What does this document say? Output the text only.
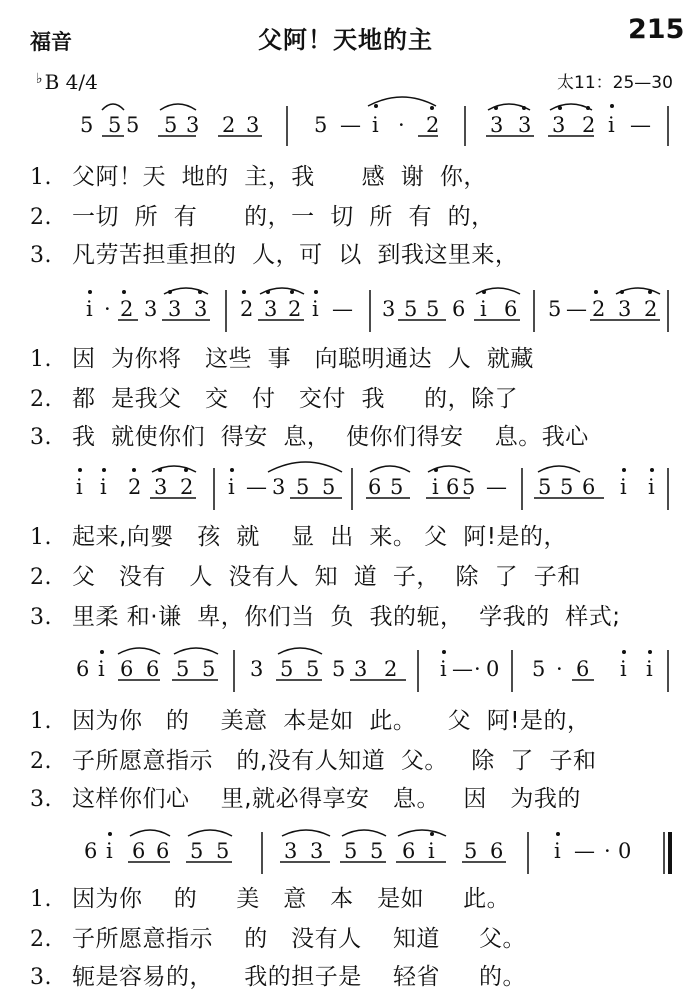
福音	父阿！天地的主	215
♭ B 4/4	太11：25—30
5 5 5 5 3 2 3	5 — i · 2 3 3 3 2 i —
1. 父阿！天  地的  主，我      感  谢  你，
2. 一切  所  有      的，一  切  所  有  的，
3. 凡劳苦担重担的  人，可  以  到我这里来，
i · 2 3 3 3 2 3 2 i — 3 5 5 6 i 6 5 — 2 3 2
1. 因  为你将   这些  事   向聪明通达  人  就藏
2. 都  是我父   交   付   交付  我     的，除了
3. 我  就使你们  得安  息，  使你们得安    息。我心
i i 2 3 2 i — 3 5 5 6 5 i 6 5 — 5 5 6 i i
1. 起来,向婴   孩  就    显  出  来。 父  阿!是的，
2. 父   没有   人  没有人  知  道  子，  除  了  子和
3. 里柔 和·谦  卑，你们当  负  我的轭，  学我的  样式;
6 i 6 6 5 5 3 5 5 5 3 2 i — · 0 5 · 6 i i
1. 因为你   的    美意  本是如  此。    父  阿!是的，
2. 子所愿意指示   的,没有人知道  父。   除  了  子和
3. 这样你们心    里,就必得享安   息。   因   为我的
6 i 6 6 5 5	3 3 5 5 6 i 5 6 i — · 0
1. 因为你    的     美   意   本   是如     此。
2. 子所愿意指示    的   没有人    知道     父。
3. 轭是容易的，    我的担子是    轻省     的。
